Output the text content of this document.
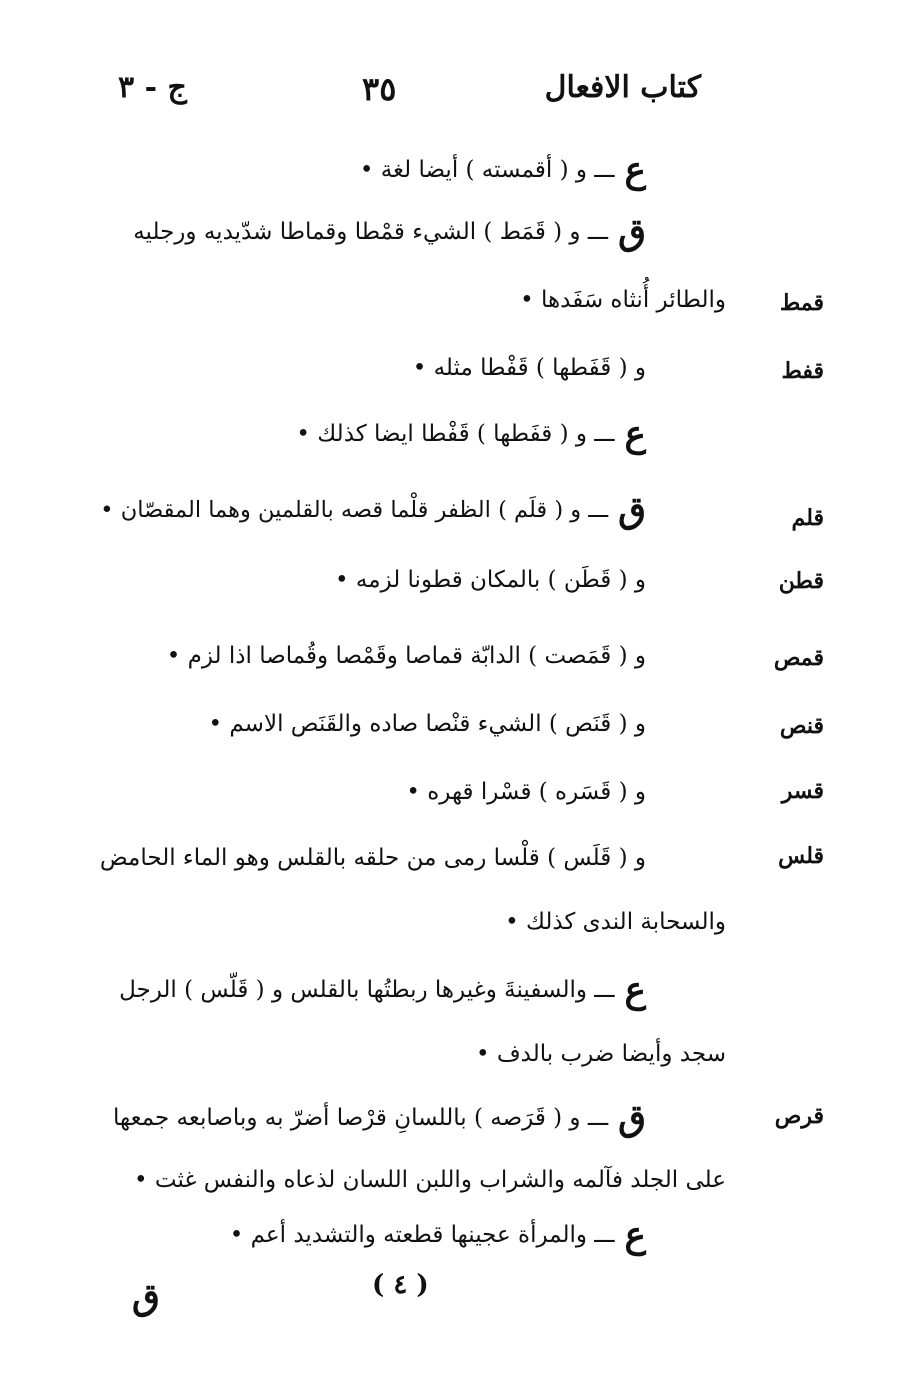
كتاب الافعال
٣٥
ج - ٣
ع
ـــ و ( أقمسته ) أيضا لغة •
ق
ـــ و ( قَمَط ) الشيء قمْطا وقماطا شدّيديه ورجليه
قمط
والطائر أُنثاه سَفَدها •
قفط
و ( قَفَطها ) قَفْطا مثله •
ع
ـــ و ( قفَطها ) قَفْطا ايضا كذلك •
قلم
ق
ـــ و ( قلَم ) الظفر قلْما قصه بالقلمين وهما المقصّان •
قطن
و ( قَطَن ) بالمكان قطونا لزمه •
قمص
و ( قَمَصت ) الدابّة قماصا وقَمْصا وقُماصا اذا لزم •
قنص
و ( قَنَص ) الشيء قنْصا صاده والقَنَص الاسم •
قسر
و ( قَسَره ) قسْرا قهره •
قلس
و ( قَلَس ) قلْسا رمى من حلقه بالقلس وهو الماء الحامض
والسحابة الندى كذلك •
ع
ـــ والسفينةَ وغيرها ربطتُها بالقلس و ( قَلّس ) الرجل
سجد وأيضا ضرب بالدف •
قرص
ق
ـــ و ( قَرَصه ) باللسانِ قرْصا أضرّ به وباصابعه جمعها
على الجلد فآلمه والشراب واللبن اللسان لذعاه والنفس غثت •
ع
ـــ والمرأة عجينها قطعته والتشديد أعم •
( ٤ )
ق
